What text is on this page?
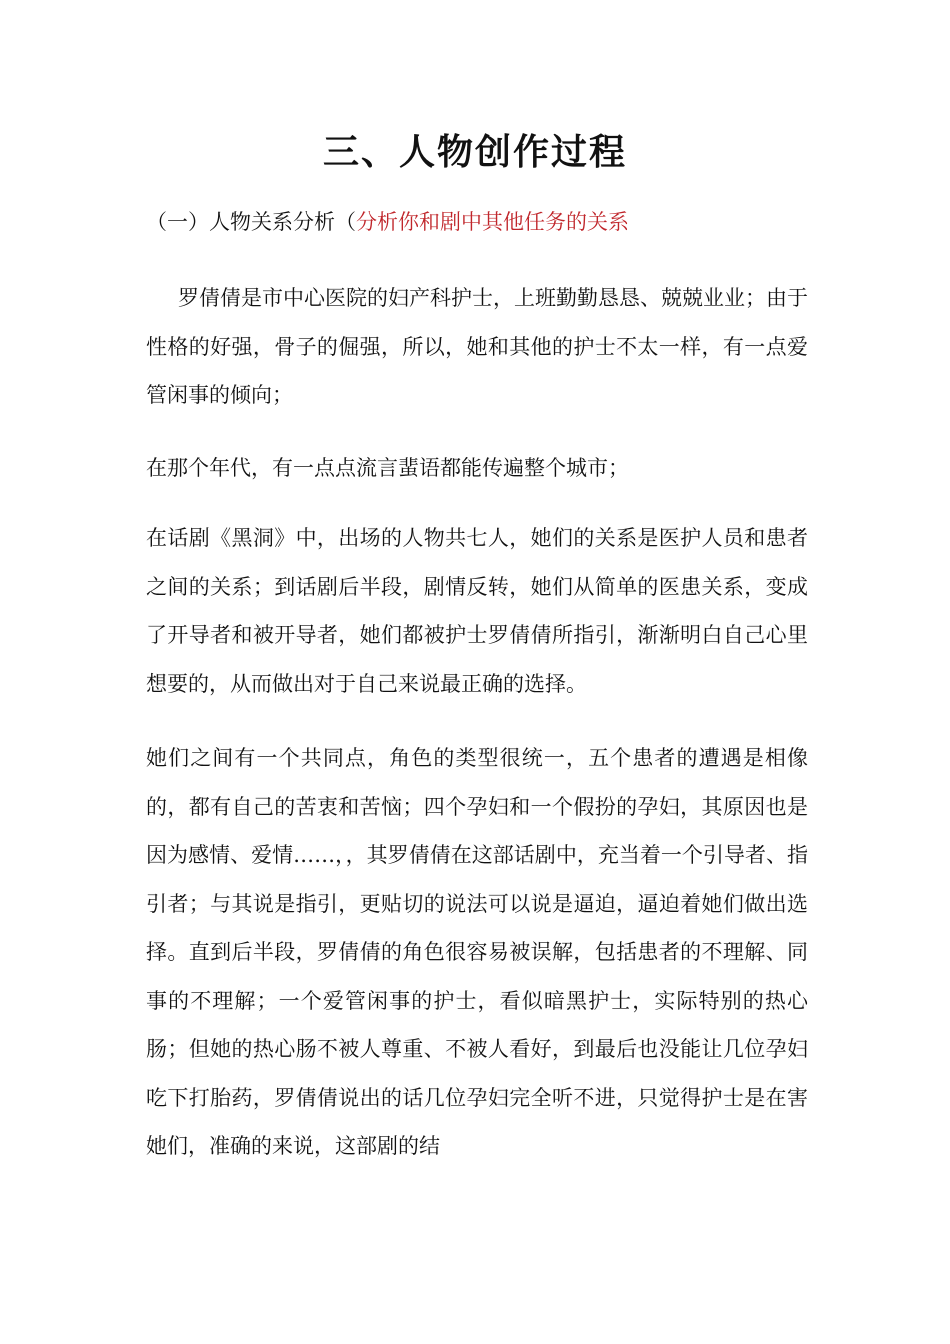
三、人物创作过程
（一）人物关系分析（分析你和剧中其他任务的关系

罗倩倩是市中心医院的妇产科护士，上班勤勤恳恳、兢兢业业；由于性格的好强，骨子的倔强，所以，她和其他的护士不太一样，有一点爱管闲事的倾向；

在那个年代，有一点点流言蜚语都能传遍整个城市；

在话剧《黑洞》中，出场的人物共七人，她们的关系是医护人员和患者之间的关系；到话剧后半段，剧情反转，她们从简单的医患关系，变成了开导者和被开导者，她们都被护士罗倩倩所指引，渐渐明白自己心里想要的，从而做出对于自己来说最正确的选择。

她们之间有一个共同点，角色的类型很统一，五个患者的遭遇是相像的，都有自己的苦衷和苦恼；四个孕妇和一个假扮的孕妇，其原因也是因为感情、爱情……，，其罗倩倩在这部话剧中，充当着一个引导者、指引者；与其说是指引，更贴切的说法可以说是逼迫，逼迫着她们做出选择。直到后半段，罗倩倩的角色很容易被误解，包括患者的不理解、同事的不理解；一个爱管闲事的护士，看似暗黑护士，实际特别的热心肠；但她的热心肠不被人尊重、不被人看好，到最后也没能让几位孕妇吃下打胎药，罗倩倩说出的话几位孕妇完全听不进，只觉得护士是在害她们，准确的来说，这部剧的结
